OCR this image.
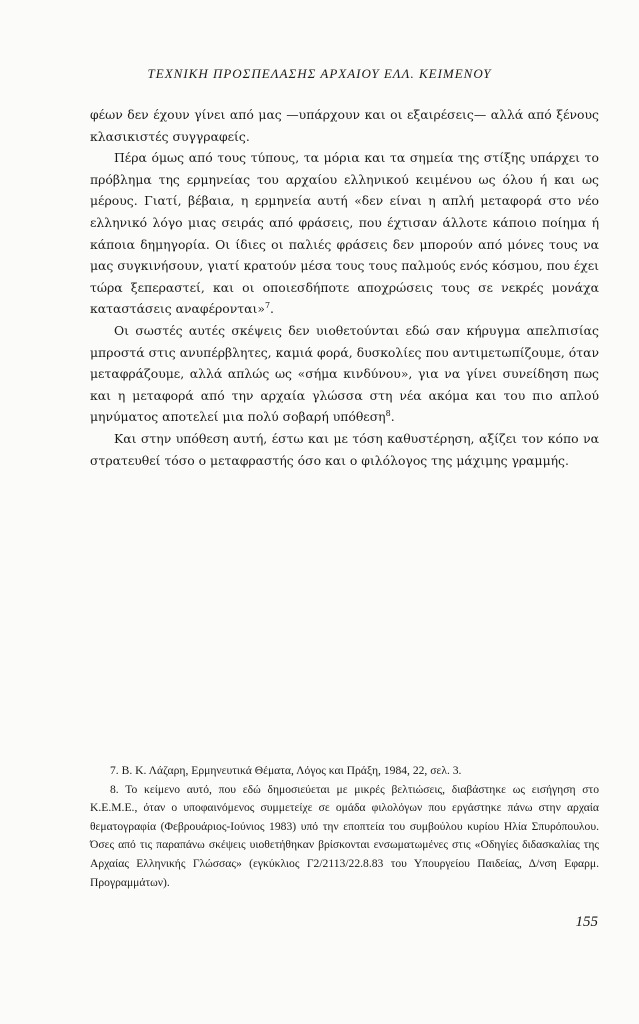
ΤΕΧΝΙΚΗ ΠΡΟΣΠΕΛΑΣΗΣ ΑΡΧΑΙΟΥ ΕΛΛ. ΚΕΙΜΕΝΟΥ

φέων δεν έχουν γίνει από μας —υπάρχουν και οι εξαιρέσεις— αλλά από ξένους κλασικιστές συγγραφείς.

Πέρα όμως από τους τύπους, τα μόρια και τα σημεία της στίξης υπάρχει το πρόβλημα της ερμηνείας του αρχαίου ελληνικού κειμένου ως όλου ή και ως μέρους. Γιατί, βέβαια, η ερμηνεία αυτή «δεν είναι η απλή μεταφορά στο νέο ελληνικό λόγο μιας σειράς από φράσεις, που έχτισαν άλλοτε κάποιο ποίημα ή κάποια δημηγορία. Οι ίδιες οι παλιές φράσεις δεν μπορούν από μόνες τους να μας συγκινήσουν, γιατί κρατούν μέσα τους τους παλμούς ενός κόσμου, που έχει τώρα ξεπεραστεί, και οι οποιεσδήποτε αποχρώσεις τους σε νεκρές μονάχα καταστάσεις αναφέρονται»$^7$.

Οι σωστές αυτές σκέψεις δεν υιοθετούνται εδώ σαν κήρυγμα απελπισίας μπροστά στις ανυπέρβλητες, καμιά φορά, δυσκολίες που αντιμετωπίζουμε, όταν μεταφράζουμε, αλλά απλώς ως «σήμα κινδύνου», για να γίνει συνείδηση πως και η μεταφορά από την αρχαία γλώσσα στη νέα ακόμα και του πιο απλού μηνύματος αποτελεί μια πολύ σοβαρή υπόθεση$^8$.

Και στην υπόθεση αυτή, έστω και με τόση καθυστέρηση, αξίζει τον κόπο να στρατευθεί τόσο ο μεταφραστής όσο και ο φιλόλογος της μάχιμης γραμμής.

7. Β. Κ. Λάζαρη, Ερμηνευτικά Θέματα, Λόγος και Πράξη, 1984, 22, σελ. 3.

8. Το κείμενο αυτό, που εδώ δημοσιεύεται με μικρές βελτιώσεις, διαβάστηκε ως εισήγηση στο Κ.Ε.Μ.Ε., όταν ο υποφαινόμενος συμμετείχε σε ομάδα φιλολόγων που εργάστηκε πάνω στην αρχαία θεματογραφία (Φεβρουάριος-Ιούνιος 1983) υπό την εποπτεία του συμβούλου κυρίου Ηλία Σπυρόπουλου. Όσες από τις παραπάνω σκέψεις υιοθετήθηκαν βρίσκονται ενσωματωμένες στις «Οδηγίες διδασκαλίας της Αρχαίας Ελληνικής Γλώσσας» (εγκύκλιος Γ2/2113/22.8.83 του Υπουργείου Παιδείας, Δ/νση Εφαρμ. Προγραμμάτων).

155
